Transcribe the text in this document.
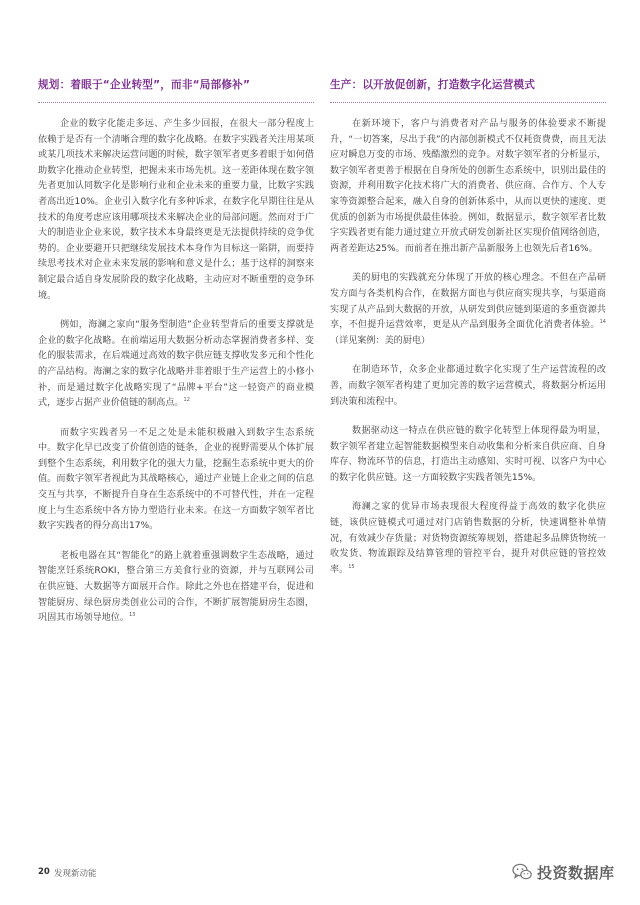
规划：着眼于“企业转型”，而非“局部修补”

企业的数字化能走多远、产生多少回报，在很大一部分程度上依赖于是否有一个清晰合理的数字化战略。在数字实践者关注用某项或某几项技术来解决运营问题的时候，数字领军者更多着眼于如何借助数字化推动企业转型，把握未来市场先机。这一差距体现在数字领先者更加认同数字化是影响行业和企业未来的重要力量，比数字实践者高出近10%。企业引入数字化有多种诉求，在数字化早期往往是从技术的角度考虑应该用哪项技术来解决企业的局部问题。然而对于广大的制造业企业来说，数字技术本身最终更是无法提供持续的竞争优势的。企业要避开只把继续发展技术本身作为目标这一陷阱，而要持续思考技术对企业未来发展的影响和意义是什么；基于这样的洞察来制定最合适自身发展阶段的数字化战略，主动应对不断重塑的竞争环境。

例如，海澜之家向“服务型制造”企业转型背后的重要支撑就是企业的数字化战略。在前端运用大数据分析动态掌握消费者多样、变化的服装需求，在后端通过高效的数字供应链支撑收发多元和个性化的产品结构。海澜之家的数字化战略并非着眼于生产运营上的小修小补，而是通过数字化战略实现了“品牌+平台”这一轻资产的商业模式，逐步占据产业价值链的制高点。$^{12}$

而数字实践者另一不足之处是未能积极融入到数字生态系统中。数字化早已改变了价值创造的链条，企业的视野需要从个体扩展到整个生态系统，利用数字化的强大力量，挖掘生态系统中更大的价值。而数字领军者视此为其战略核心，通过产业链上企业之间的信息交互与共享，不断提升自身在生态系统中的不可替代性，并在一定程度上与生态系统中各方协力塑造行业未来。在这一方面数字领军者比数字实践者的得分高出17%。

老板电器在其“智能化”的路上就着重强调数字生态战略，通过智能烹饪系统ROKI，整合第三方美食行业的资源，并与互联网公司在供应链、大数据等方面展开合作。除此之外也在搭建平台，促进和智能厨房、绿色厨房类创业公司的合作，不断扩展智能厨房生态圈，巩固其市场领导地位。$^{13}$

生产：以开放促创新，打造数字化运营模式

在新环境下，客户与消费者对产品与服务的体验要求不断提升，“一切答案，尽出于我”的内部创新模式不仅耗资费费，而且无法应对瞬息万变的市场、残酷激烈的竞争。对数字领军者的分析显示，数字领军者更善于根据在自身所处的创新生态系统中，识别出最佳的资源，并利用数字化技术将广大的消费者、供应商、合作方、个人专家等资源整合起来，融入自身的创新体系中，从而以更快的速度、更优质的创新为市场提供最佳体验。例如，数据显示，数字领军者比数字实践者更有能力通过建立开放式研发创新社区实现价值网络创造，两者差距达25%。而前者在推出新产品新服务上也领先后者16%。

美的厨电的实践就充分体现了开放的核心理念。不但在产品研发方面与各类机构合作，在数据方面也与供应商实现共享，与渠道商实现了从产品到大数据的开放，从研发到供应链到渠道的多重资源共享，不但提升运营效率，更是从产品到服务全面优化消费者体验。$^{14}$（详见案例：美的厨电）

在制造环节，众多企业都通过数字化实现了生产运营流程的改善，而数字领军者构建了更加完善的数字运营模式，将数据分析运用到决策和流程中。

数据驱动这一特点在供应链的数字化转型上体现得最为明显，数字领军者建立起智能数据模型来自动收集和分析来自供应商、自身库存、物流环节的信息，打造出主动感知、实时可视、以客户为中心的数字化供应链。这一方面较数字实践者领先15%。

海澜之家的优异市场表现很大程度得益于高效的数字化供应链，该供应链模式可通过对门店销售数据的分析，快速调整补单情况，有效减少存货量；对货物资源统筹规划，搭建起多品牌货物统一收发货、物流跟踪及结算管理的管控平台，提升对供应链的管控效率。$^{15}$

20 发现新动能	投资数据库
